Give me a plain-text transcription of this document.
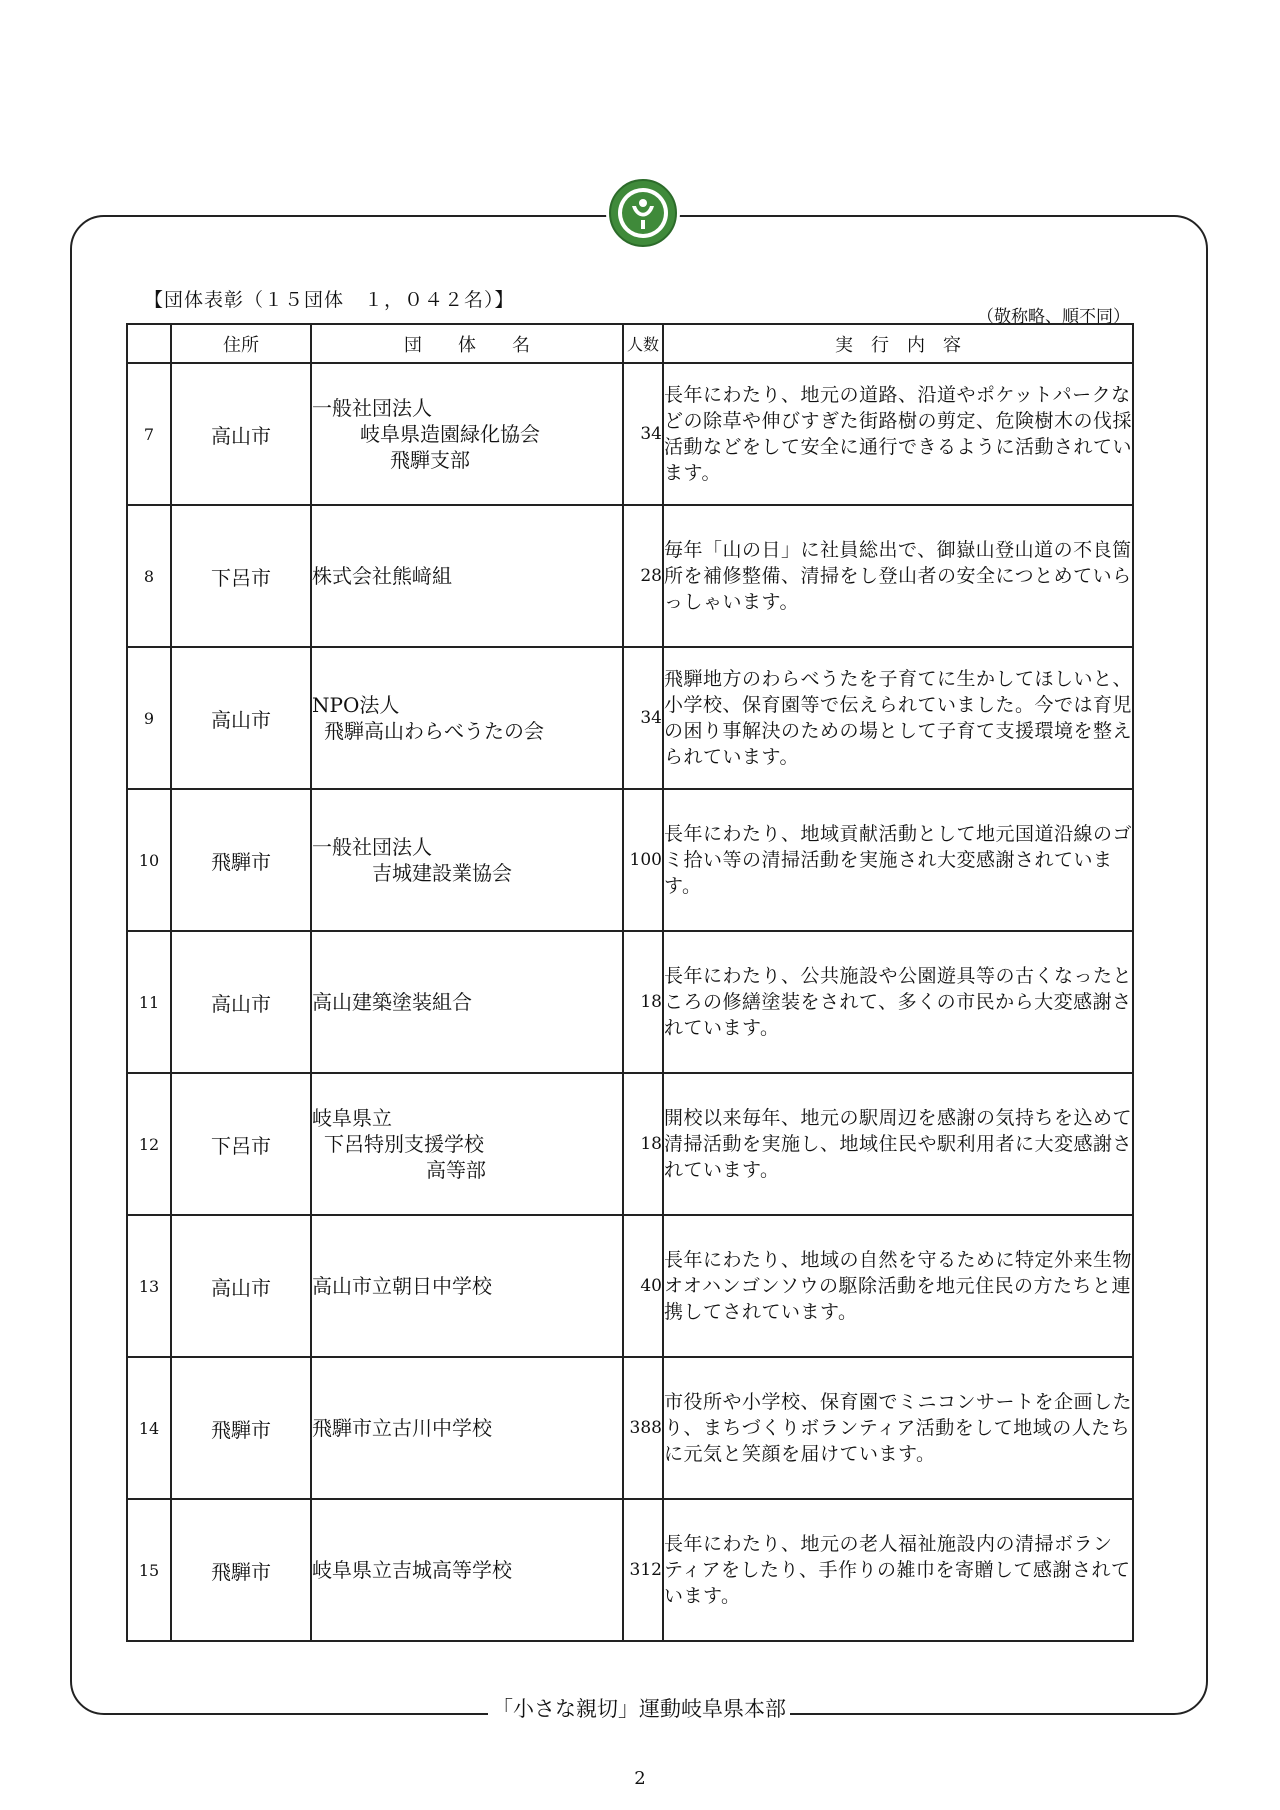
【団体表彰（１５団体　１，０４２名）】
（敬称略、順不同）
	住所	団　　体　　名	人数	実　行　内　容
7	高山市	一般社団法人
岐阜県造園緑化協会
飛騨支部	34	長年にわたり、地元の道路、沿道やポケットパークなどの除草や伸びすぎた街路樹の剪定、危険樹木の伐採活動などをして安全に通行できるように活動されています。
8	下呂市	株式会社熊﨑組	28	毎年「山の日」に社員総出で、御嶽山登山道の不良箇所を補修整備、清掃をし登山者の安全につとめていらっしゃいます。
9	高山市	NPO法人
飛騨高山わらべうたの会	34	飛騨地方のわらべうたを子育てに生かしてほしいと、小学校、保育園等で伝えられていました。今では育児の困り事解決のための場として子育て支援環境を整えられています。
10	飛騨市	一般社団法人
吉城建設業協会	100	長年にわたり、地域貢献活動として地元国道沿線のゴミ拾い等の清掃活動を実施され大変感謝されています。
11	高山市	高山建築塗装組合	18	長年にわたり、公共施設や公園遊具等の古くなったところの修繕塗装をされて、多くの市民から大変感謝されています。
12	下呂市	岐阜県立
下呂特別支援学校
高等部	18	開校以来毎年、地元の駅周辺を感謝の気持ちを込めて清掃活動を実施し、地域住民や駅利用者に大変感謝されています。
13	高山市	高山市立朝日中学校	40	長年にわたり、地域の自然を守るために特定外来生物オオハンゴンソウの駆除活動を地元住民の方たちと連携してされています。
14	飛騨市	飛騨市立古川中学校	388	市役所や小学校、保育園でミニコンサートを企画したり、まちづくりボランティア活動をして地域の人たちに元気と笑顔を届けています。
15	飛騨市	岐阜県立吉城高等学校	312	長年にわたり、地元の老人福祉施設内の清掃ボランティアをしたり、手作りの雑巾を寄贈して感謝されています。
「小さな親切」運動岐阜県本部
2
